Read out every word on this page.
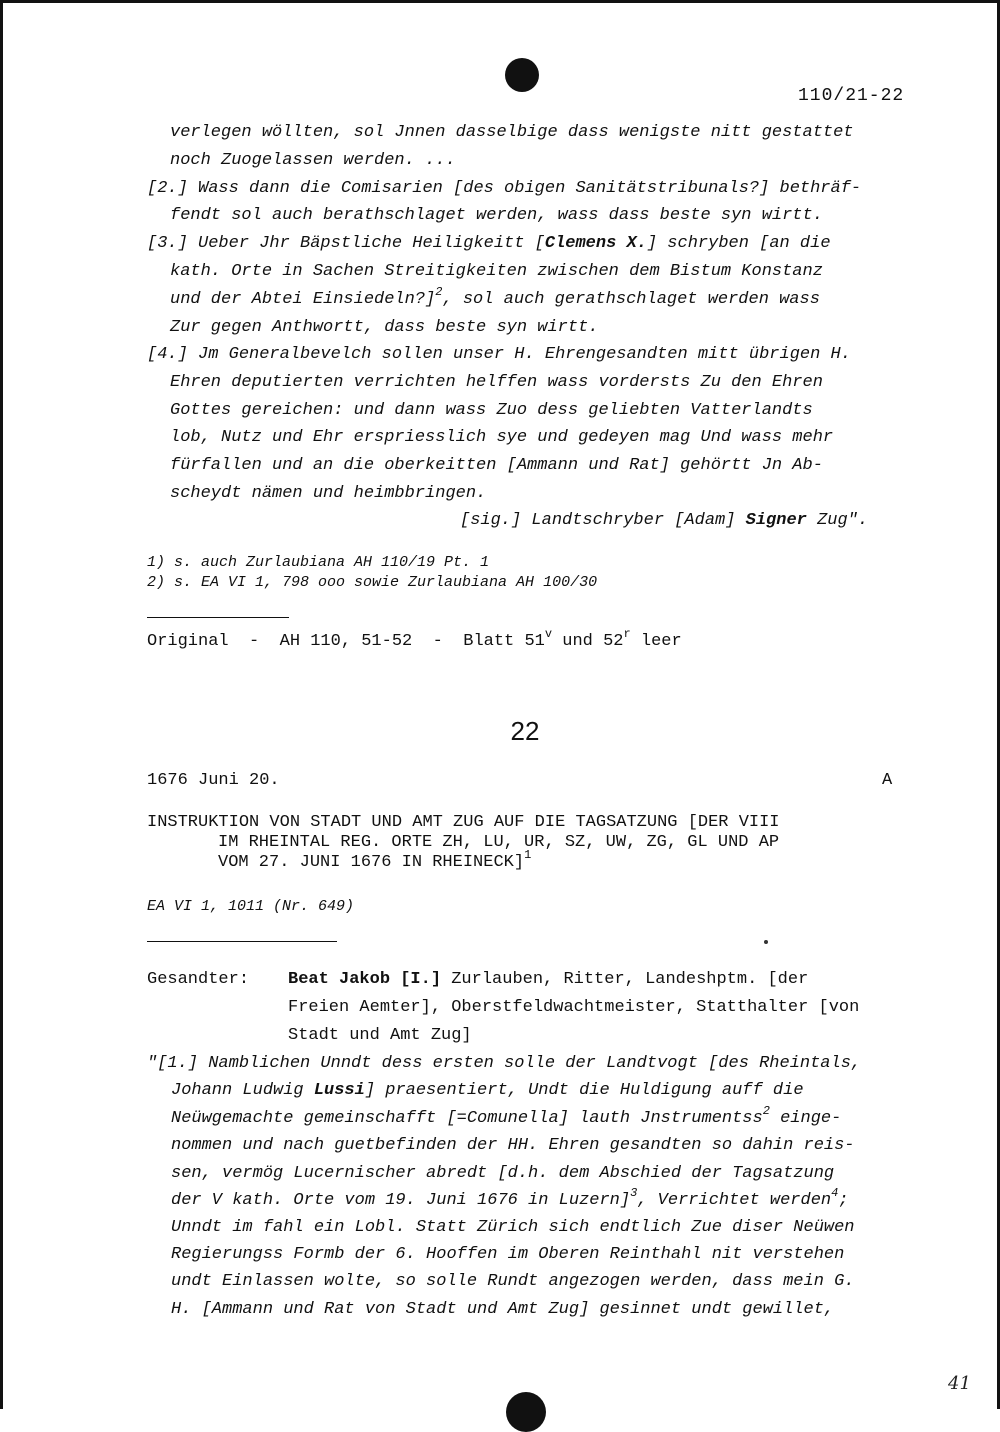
110/21-22
verlegen wöllten, sol Jnnen dasselbige dass wenigste nitt gestattet
noch Zuogelassen werden. ...
[2.] Wass dann die Comisarien [des obigen Sanitätstribunals?] bethräf-
fendt sol auch berathschlaget werden, wass dass beste syn wirtt.
[3.] Ueber Jhr Bäpstliche Heiligkeitt [Clemens X.] schryben [an die
kath. Orte in Sachen Streitigkeiten zwischen dem Bistum Konstanz
und der Abtei Einsiedeln?]$^2$, sol auch gerathschlaget werden wass
Zur gegen Anthwortt, dass beste syn wirtt.
[4.] Jm Generalbevelch sollen unser H. Ehrengesandten mitt übrigen H.
Ehren deputierten verrichten helffen wass vordersts Zu den Ehren
Gottes gereichen: und dann wass Zuo dess geliebten Vatterlandts
lob, Nutz und Ehr erspriesslich sye und gedeyen mag Und wass mehr
fürfallen und an die oberkeitten [Ammann und Rat] gehörtt Jn Ab-
scheydt nämen und heimbbringen.
[sig.] Landtschryber [Adam] Signer Zug".
1) s. auch Zurlaubiana AH 110/19 Pt. 1
2) s. EA VI 1, 798 ooo sowie Zurlaubiana AH 100/30
Original  -  AH 110, 51-52  -  Blatt 51$^v$ und 52$^r$ leer
22
1676 Juni 20.	A
INSTRUKTION VON STADT UND AMT ZUG AUF DIE TAGSATZUNG [DER VIII
IM RHEINTAL REG. ORTE ZH, LU, UR, SZ, UW, ZG, GL UND AP
VOM 27. JUNI 1676 IN RHEINECK]$^1$
EA VI 1, 1011 (Nr. 649)
Gesandter: Beat Jakob [I.] Zurlauben, Ritter, Landeshptm. [der
Freien Aemter], Oberstfeldwachtmeister, Statthalter [von
Stadt und Amt Zug]
"[1.] Namblichen Unndt dess ersten solle der Landtvogt [des Rheintals,
Johann Ludwig Lussi] praesentiert, Undt die Huldigung auff die
Neüwgemachte gemeinschafft [=Comunella] lauth Jnstrumentss$^2$ einge-
nommen und nach guetbefinden der HH. Ehren gesandten so dahin reis-
sen, vermög Lucernischer abredt [d.h. dem Abschied der Tagsatzung
der V kath. Orte vom 19. Juni 1676 in Luzern]$^3$, Verrichtet werden$^4$;
Unndt im fahl ein Lobl. Statt Zürich sich endtlich Zue diser Neüwen
Regierungss Formb der 6. Hooffen im Oberen Reinthahl nit verstehen
undt Einlassen wolte, so solle Rundt angezogen werden, dass mein G.
H. [Ammann und Rat von Stadt und Amt Zug] gesinnet undt gewillet,
41
